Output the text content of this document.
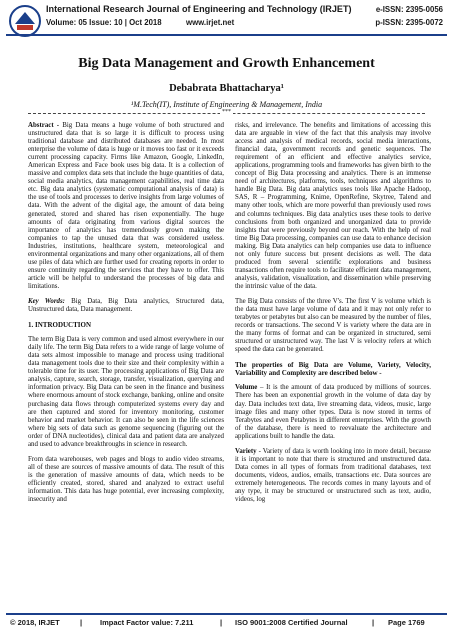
International Research Journal of Engineering and Technology (IRJET)
Volume: 05 Issue: 10 | Oct 2018	www.irjet.net
e-ISSN: 2395-0056
p-ISSN: 2395-0072
Big Data Management and Growth Enhancement
Debabrata Bhattacharya¹
¹M.Tech(IT), Institute of Engineering & Management, India
***

Abstract - Big Data means a huge volume of both structured and unstructured data that is so large it is difficult to process using traditional database and distributed databases are needed. In most enterprise the volume of data is huge or it moves too fast or it exceeds current processing capacity. Firms like Amazon, Google, LinkedIn, American Express and Face book uses big data. It is a collection of massive and complex data sets that include the huge quantities of data, social media analytics, data management capabilities, real time data etc. Big data analytics (systematic computational analysis of data) is the use of tools and processes to derive insights from large volumes of data. With the advent of the digital age, the amount of data being generated, stored and shared has risen exponentially. The huge amounts of data originating from various digital sources the importance of analytics has tremendously grown making the companies to tap the unused data that was considered useless. Industries, institutions, healthcare system, meteorological and environmental organizations and many other organizations, all of them use piles of data which are further used for creating reports in order to ensure continuity regarding the services that they have to offer. This article will be helpful to understand the processes of big data and limitations.

Key Words: Big Data, Big Data analytics, Structured data, Unstructured data, Data management.

1. INTRODUCTION

The term Big Data is very common and used almost everywhere in our daily life. The term Big Data refers to a wide range of large volume of data sets almost impossible to manage and process using traditional data management tools due to their size and their complexity within a tolerable time for its user. The processing applications of Big Data are analysis, capture, search, storage, transfer, visualization, querying and information privacy. Big Data can be seen in the finance and business where enormous amount of stock exchange, banking, online and onsite purchasing data flows through computerized systems every day and are then captured and stored for inventory monitoring, customer behavior and market behavior. It can also be seen in the life sciences where big sets of data such as genome sequencing (figuring out the order of DNA nucleotides), clinical data and patient data are analyzed and used to advance breakthroughs in science in research.

From data warehouses, web pages and blogs to audio video streams, all of these are sources of massive amounts of data. The result of this is the generation of massive amounts of data, which needs to be efficiently created, stored, shared and analyzed to extract useful information. This data has huge potential, ever increasing complexity, insecurity and

risks, and irrelevance. The benefits and limitations of accessing this data are arguable in view of the fact that this analysis may involve access and analysis of medical records, social media interactions, financial data, government records and genetic sequences. The requirement of an efficient and effective analytics service, applications, programming tools and frameworks has given birth to the concept of Big Data processing and analytics. There is an immense need of architectures, platforms, tools, techniques and algorithms to handle Big Data. Big data analytics uses tools like Apache Hadoop, SAS, R – Programming, Knime, OpenRefine, Skytree, Talend and many other tools, which are more powerful than previously used rows and columns techniques. Big data analytics uses these tools to derive conclusions from both organized and unorganized data to provide insights that were previously beyond our reach. With the help of real time Big Data processing, companies can use data to enhance decision making. Big Data analytics can help companies use data to influence not only future success but present decisions as well. The data produced from several scientific explorations and business transactions often require tools to facilitate efficient data management, analysis, validation, visualization, and dissemination while preserving the intrinsic value of the data.

The Big Data consists of the three V's. The first V is volume which is the data must have large volume of data and it may not only refer to terabytes or petabytes but also can be measured by the number of files, records or transactions. The second V is variety where the data are in the many forms of format and can be organized in structured, semi structured or unstructured way. The last V is velocity refers at which speed the data can be generated.

The properties of Big Data are Volume, Variety, Velocity, Variability and Complexity are described below -

Volume – It is the amount of data produced by millions of sources. There has been an exponential growth in the volume of data day by day. Data includes text data, live streaming data, videos, music, large image files and many other types. Data is now stored in terms of Terabytes and even Petabytes in different enterprises. With the growth of the database, there is need to reevaluate the architecture and applications built to handle the data.

Variety - Variety of data is worth looking into in more detail, because it is important to note that there is structured and unstructured data. Data comes in all types of formats from traditional databases, text documents, videos, audios, emails, transactions etc. Data sources are extremely heterogeneous. The records comes in many layouts and of any type, it may be structured or unstructured such as text, audio, videos, log

© 2018, IRJET	| Impact Factor value: 7.211	| ISO 9001:2008 Certified Journal	| Page 1769
